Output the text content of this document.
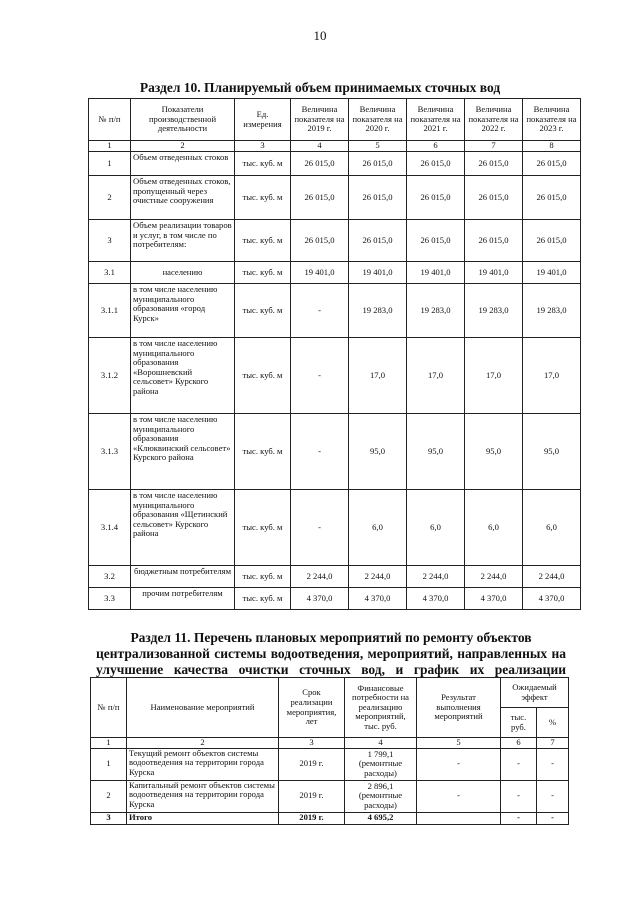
10
Раздел 10. Планируемый объем принимаемых сточных вод
№ п/п	Показатели производственной деятельности	Ед. измерения	Величина показателя на 2019 г.	Величина показателя на 2020 г.	Величина показателя на 2021 г.	Величина показателя на 2022 г.	Величина показателя на 2023 г.
1	2	3	4	5	6	7	8
1	Объем отведенных стоков	тыс. куб. м	26 015,0	26 015,0	26 015,0	26 015,0	26 015,0
2	Объем отведенных стоков, пропущенный через очистные сооружения	тыс. куб. м	26 015,0	26 015,0	26 015,0	26 015,0	26 015,0
3	Объем реализации товаров и услуг, в том числе по потребителям:	тыс. куб. м	26 015,0	26 015,0	26 015,0	26 015,0	26 015,0
3.1	населению	тыс. куб. м	19 401,0	19 401,0	19 401,0	19 401,0	19 401,0
3.1.1	в том числе населению муниципального образования «город Курск»	тыс. куб. м	-	19 283,0	19 283,0	19 283,0	19 283,0
3.1.2	в том числе населению муниципального образования «Ворошневский сельсовет» Курского района	тыс. куб. м	-	17,0	17,0	17,0	17,0
3.1.3	в том числе населению муниципального образования «Клюквинский сельсовет» Курского района	тыс. куб. м	-	95,0	95,0	95,0	95,0
3.1.4	в том числе населению муниципального образования «Щетинский сельсовет» Курского района	тыс. куб. м	-	6,0	6,0	6,0	6,0
3.2	бюджетным потребителям	тыс. куб. м	2 244,0	2 244,0	2 244,0	2 244,0	2 244,0
3.3	прочим потребителям	тыс. куб. м	4 370,0	4 370,0	4 370,0	4 370,0	4 370,0
Раздел 11. Перечень плановых мероприятий по ремонту объектов
централизованной системы водоотведения, мероприятий, направленных на
улучшение качества очистки сточных вод, и график их реализации
№ п/п	Наименование мероприятий	Срок реализации мероприятия, лет	Финансовые потребности на реализацию мероприятий, тыс. руб.	Результат выполнения мероприятий	Ожидаемый эффект	
					тыс. руб.	%
1	2	3	4	5	6	7
1	Текущий ремонт объектов системы водоотведения на территории города Курска	2019 г.	1 799,1 (ремонтные расходы)	-	-	-
2	Капитальный ремонт объектов системы водоотведения на территории города Курска	2019 г.	2 896,1 (ремонтные расходы)	-	-	-
3	Итого	2019 г.	4 695,2		-	-
